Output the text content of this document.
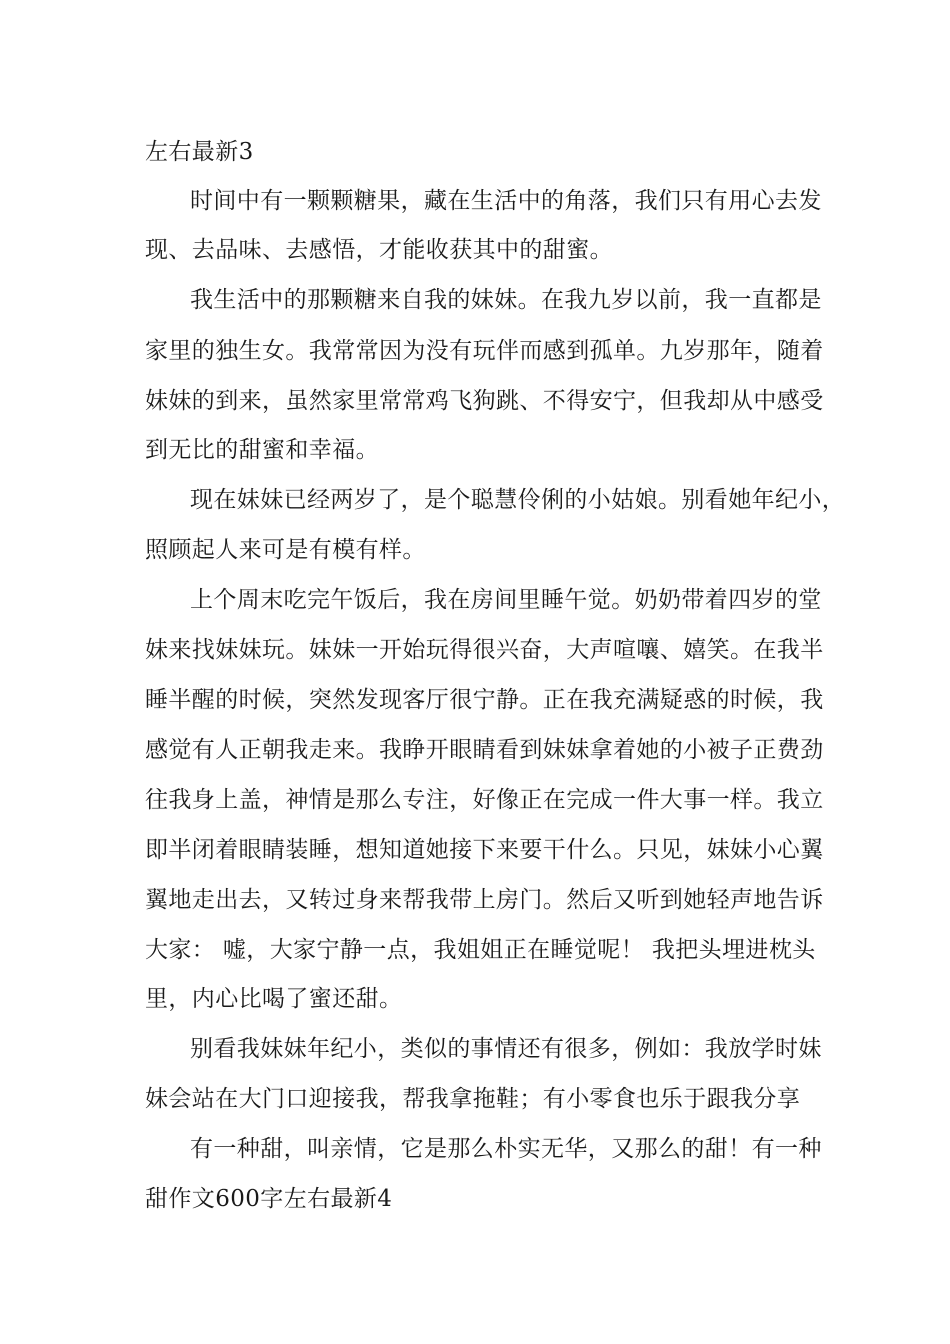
左右最新3
时间中有一颗颗糖果，藏在生活中的角落，我们只有用心去发
现、去品味、去感悟，才能收获其中的甜蜜。
我生活中的那颗糖来自我的妹妹。在我九岁以前，我一直都是
家里的独生女。我常常因为没有玩伴而感到孤单。九岁那年，随着
妹妹的到来，虽然家里常常鸡飞狗跳、不得安宁，但我却从中感受
到无比的甜蜜和幸福。
现在妹妹已经两岁了，是个聪慧伶俐的小姑娘。别看她年纪小，
照顾起人来可是有模有样。
上个周末吃完午饭后，我在房间里睡午觉。奶奶带着四岁的堂
妹来找妹妹玩。妹妹一开始玩得很兴奋，大声喧嚷、嬉笑。在我半
睡半醒的时候，突然发现客厅很宁静。正在我充满疑惑的时候，我
感觉有人正朝我走来。我睁开眼睛看到妹妹拿着她的小被子正费劲
往我身上盖，神情是那么专注，好像正在完成一件大事一样。我立
即半闭着眼睛装睡，想知道她接下来要干什么。只见，妹妹小心翼
翼地走出去，又转过身来帮我带上房门。然后又听到她轻声地告诉
大家： 嘘，大家宁静一点，我姐姐正在睡觉呢！ 我把头埋进枕头
里，内心比喝了蜜还甜。
别看我妹妹年纪小，类似的事情还有很多，例如：我放学时妹
妹会站在大门口迎接我，帮我拿拖鞋；有小零食也乐于跟我分享
有一种甜，叫亲情，它是那么朴实无华，又那么的甜！有一种
甜作文600字左右最新4
